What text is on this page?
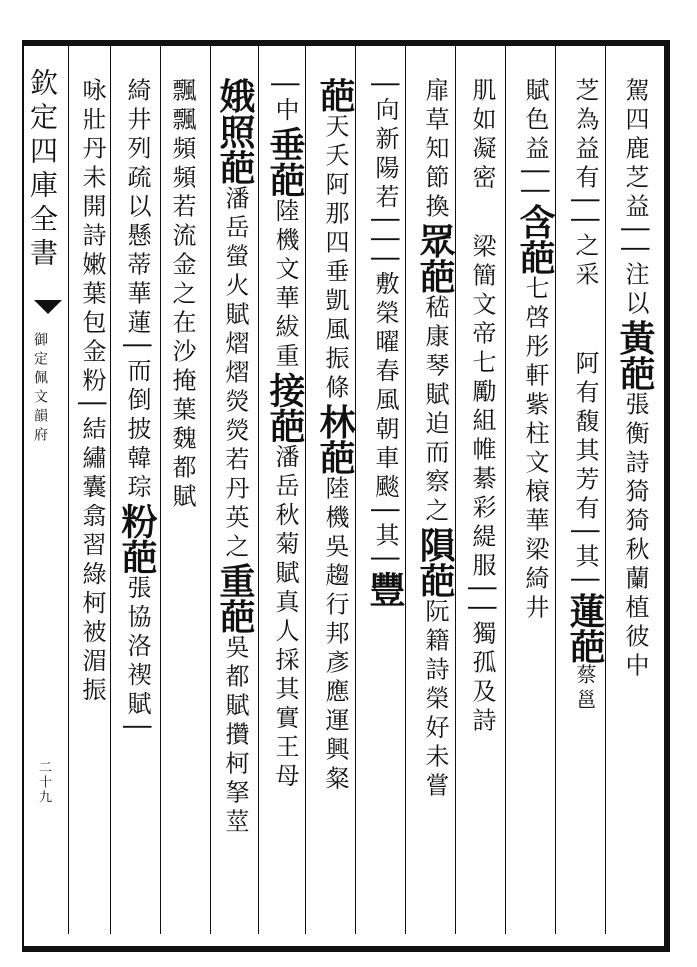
欽定四庫全書
御定佩文韻府
二十九

駕四鹿芝益││注以黃葩張衡詩猗猗秋蘭植彼中

芝為益有││之采阿有馥其芳有│其│蓮葩蔡邕

賦色益││含葩七啓彤軒紫柱文榱華梁綺井

肌如凝密梁簡文帝七勵組帷綦彩緹服││獨孤及詩

扉草知節換眾葩嵇康琴賦迫而察之隕葩阮籍詩榮好未嘗

│向新陽若│││敷榮曜春風朝車颷│其│豐

葩天夭阿那四垂凱風振條林葩陸機吳趨行邦彥應運興粲

│中垂葩陸機文華紱重接葩潘岳秋菊賦真人採其實王母

娥照葩潘岳螢火賦熠熠熒熒若丹英之重葩吳都賦攢柯拏莖

飄飄頻頻若流金之在沙掩葉魏都賦

綺井列疏以懸蒂華蓮│而倒披韓琮粉葩張協洛禊賦│

咏壯丹未開詩嫩葉包金粉│結繡囊翕習綠柯被湄振
